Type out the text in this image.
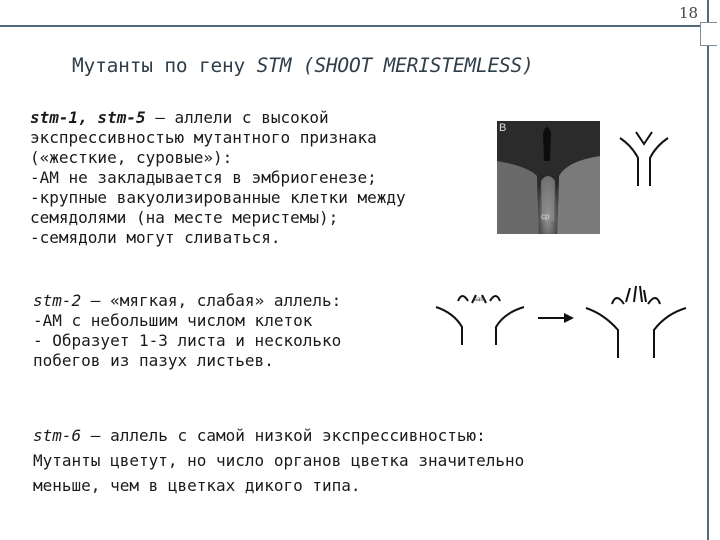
18
Мутанты по гену STM (SHOOT MERISTEMLESS)
stm-1, stm-5 – аллели с высокой
экспрессивностью мутантного признака
(«жесткие, суровые»):
-АМ не закладывается в эмбриогенезе;
-крупные вакуолизированные клетки между
семядолями (на месте меристемы);
-семядоли могут сливаться.
stm-2 – «мягкая, слабая» аллель:
-АМ с небольшим числом клеток
- Образует 1-3 листа и несколько
побегов из пазух листьев.
stm-6 – аллель с самой низкой экспрессивностью:
Мутанты цветут, но число органов цветка значительно
меньше, чем в цветках дикого типа.
B
cp
sam
